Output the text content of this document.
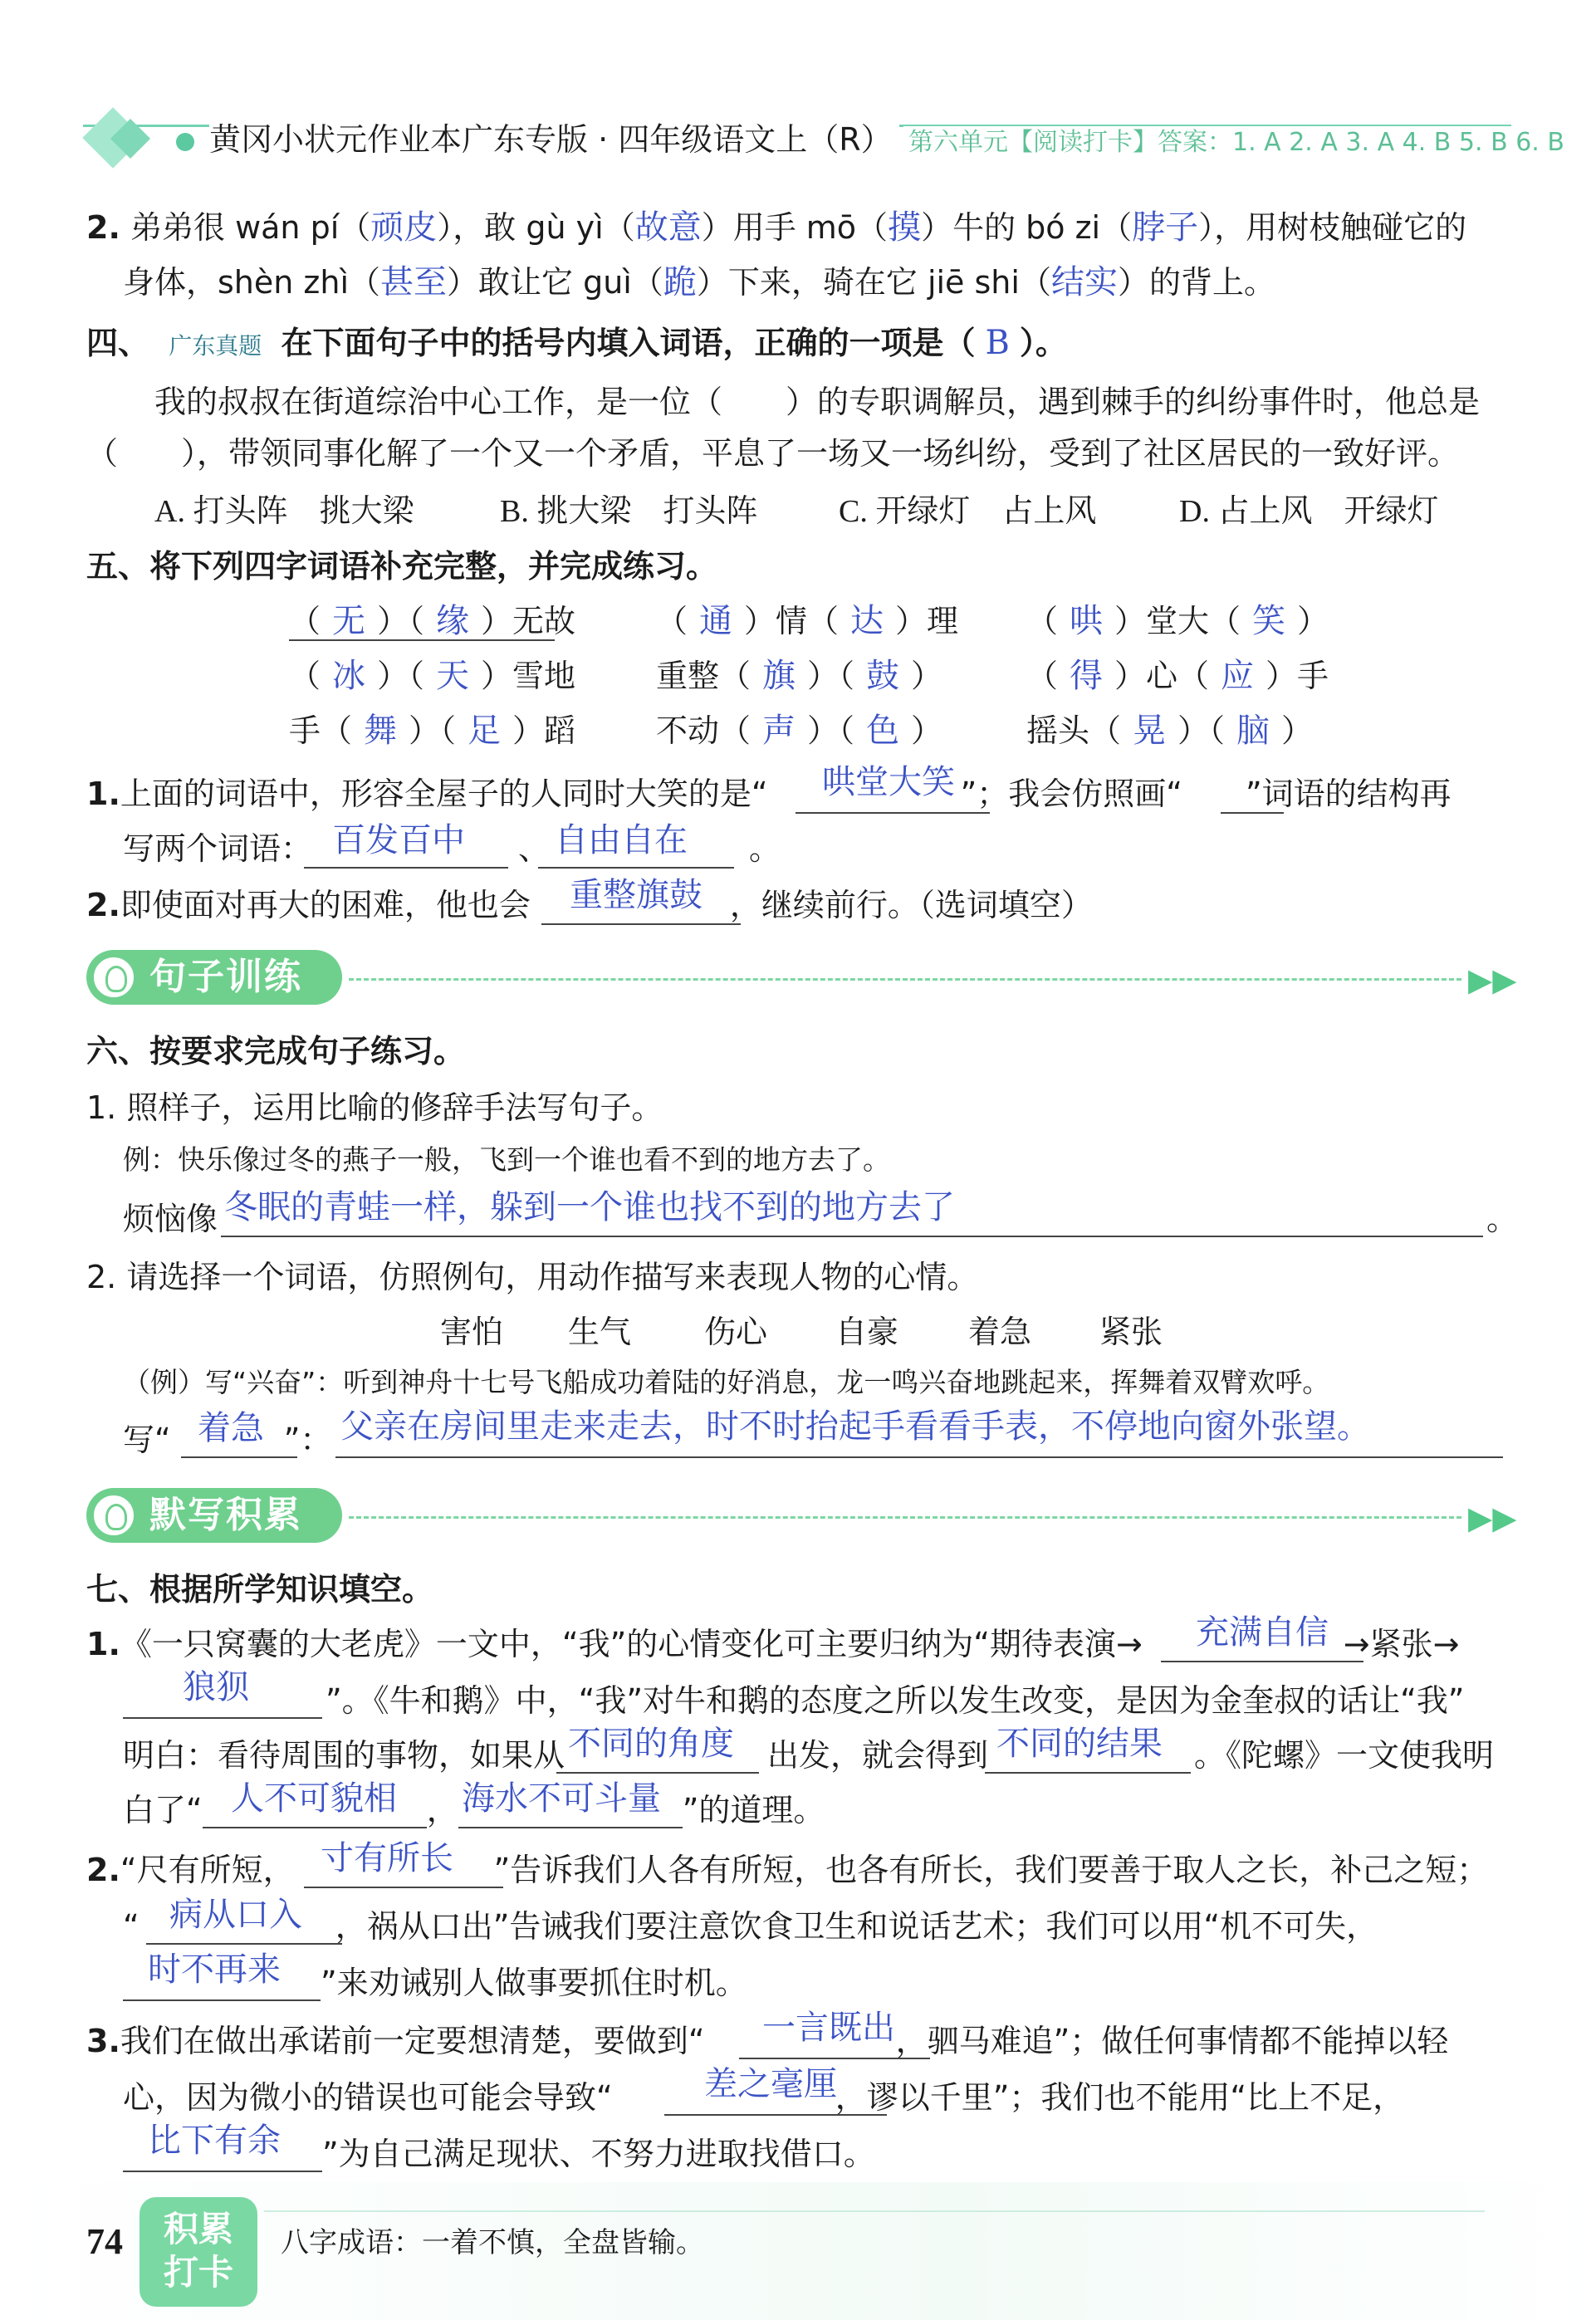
黄冈小状元作业本广东专版 · 四年级语文上（R） 第六单元【阅读打卡】答案：1. A 2. A 3. A 4. B 5. B 6. B
2. 弟弟很 wán pí（顽皮），敢 gù yì（故意）用手 mō（摸）牛的 bó zi（脖子），用树枝触碰它的
身体，shèn zhì（甚至）敢让它 guì（跪）下来，骑在它 jiē shi（结实）的背上。
四、 广东真题 在下面句子中的括号内填入词语，正确的一项是（ B ）。
我的叔叔在街道综治中心工作，是一位（　　）的专职调解员，遇到棘手的纠纷事件时，他总是
（　　），带领同事化解了一个又一个矛盾，平息了一场又一场纠纷，受到了社区居民的一致好评。
A. 打头阵　挑大梁	B. 挑大梁　打头阵	C. 开绿灯　占上风	D. 占上风　开绿灯
五、将下列四字词语补充完整，并完成练习。
（ 无 ）（ 缘 ）无故	（ 通 ）情（ 达 ）理 （ 哄 ）堂大（ 笑 ）
（ 冰 ）（ 天 ）雪地	重整（ 旗 ）（ 鼓 ）	（ 得 ）心（ 应 ）手
手（ 舞 ）（ 足 ）蹈	不动（ 声 ）（ 色 ）	摇头（ 晃 ）（ 脑 ）
1.上面的词语中，形容全屋子的人同时大笑的是“	”；我会仿照画“ ”词语的结构再
哄堂大笑
写两个词语：	、	。
百发百中	自由自在
2.即使面对再大的困难，他也会	，继续前行。（选词填空）
重整旗鼓
句子训练	▶▶
六、按要求完成句子练习。
1. 照样子，运用比喻的修辞手法写句子。
例：快乐像过冬的燕子一般，飞到一个谁也看不到的地方去了。
烦恼像 冬眠的青蛙一样，躲到一个谁也找不到的地方去了	。
2. 请选择一个词语，仿照例句，用动作描写来表现人物的心情。
害怕 生气 伤心 自豪 着急 紧张
（例）写“兴奋”：听到神舟十七号飞船成功着陆的好消息，龙一鸣兴奋地跳起来，挥舞着双臂欢呼。
写“	”：
着急 父亲在房间里走来走去，时不时抬起手看看手表，不停地向窗外张望。
默写积累	▶▶
七、根据所学知识填空。
1.《一只窝囊的大老虎》一文中，“我”的心情变化可主要归纳为“期待表演→	→紧张→
充满自信
”。《牛和鹅》中，“我”对牛和鹅的态度之所以发生改变，是因为金奎叔的话让“我”
狼狈
明白：看待周围的事物，如果从	出发，就会得到	。《陀螺》一文使我明
不同的角度	不同的结果
白了“	，	”的道理。
人不可貌相 海水不可斗量
2.“尺有所短，	”告诉我们人各有所短，也各有所长，我们要善于取人之长，补己之短；
寸有所长
“	，祸从口出”告诫我们要注意饮食卫生和说话艺术；我们可以用“机不可失，
病从口入
”来劝诫别人做事要抓住时机。
时不再来
3.我们在做出承诺前一定要想清楚，要做到“	，驷马难追”；做任何事情都不能掉以轻
一言既出
心，因为微小的错误也可能会导致“	，谬以千里”；我们也不能用“比上不足，
差之毫厘
”为自己满足现状、不努力进取找借口。
比下有余
74	积累
打卡
八字成语：一着不慎，全盘皆输。
